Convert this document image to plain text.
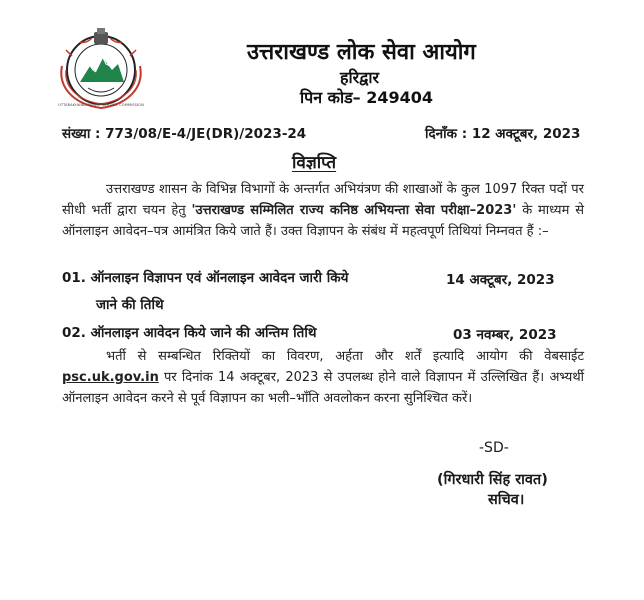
UTTARAKHAND PUBLIC SERVICE COMMISSION
उत्तराखण्ड लोक सेवा आयोग
हरिद्वार
पिन कोड– 249404
संख्या : 773/08/E-4/JE(DR)/2023-24	दिनाँक : 12 अक्टूबर, 2023
विज्ञप्ति
उत्तराखण्ड शासन के विभिन्न विभागों के अन्तर्गत अभियंत्रण की शाखाओं के कुल 1097 रिक्त पदों पर सीधी भर्ती द्वारा चयन हेतु 'उत्तराखण्ड सम्मिलित राज्य कनिष्ठ अभियन्ता सेवा परीक्षा–2023' के माध्यम से ऑनलाइन आवेदन–पत्र आमंत्रित किये जाते हैं। उक्त विज्ञापन के संबंध में महत्वपूर्ण तिथियां निम्नवत हैं :–
01. ऑनलाइन विज्ञापन एवं ऑनलाइन आवेदन जारी किये
जाने की तिथि
14 अक्टूबर, 2023
02. ऑनलाइन आवेदन किये जाने की अन्तिम तिथि	03 नवम्बर, 2023
भर्ती से सम्बन्धित रिक्तियों का विवरण, अर्हता और शर्तें इत्यादि आयोग की वेबसाईट psc.uk.gov.in पर दिनांक 14 अक्टूबर, 2023 से उपलब्ध होने वाले विज्ञापन में उल्लिखित हैं। अभ्यर्थी ऑनलाइन आवेदन करने से पूर्व विज्ञापन का भली–भाँति अवलोकन करना सुनिश्चित करें।
-SD-
(गिरधारी सिंह रावत)
सचिव।
